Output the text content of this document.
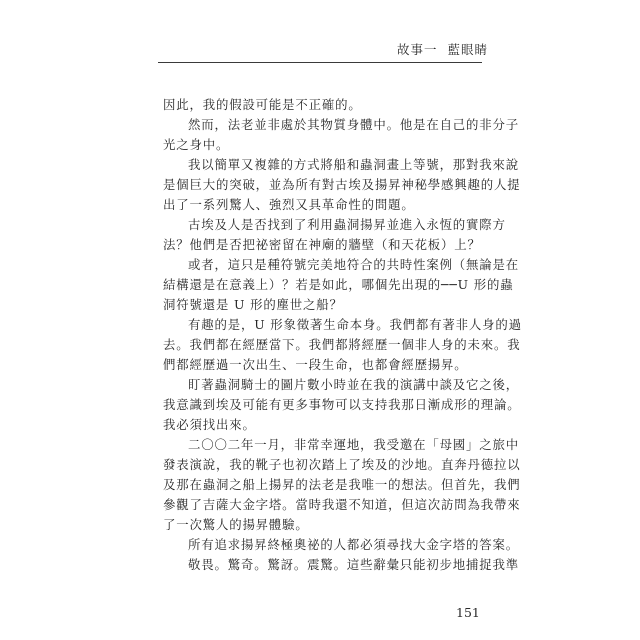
故事一 藍眼睛
因此，我的假設可能是不正確的。
然而，法老並非處於其物質身體中。他是在自己的非分子
光之身中。
我以簡單又複雜的方式將船和蟲洞畫上等號，那對我來說
是個巨大的突破，並為所有對古埃及揚昇神秘學感興趣的人提
出了一系列驚人、強烈又具革命性的問題。
古埃及人是否找到了利用蟲洞揚昇並進入永恆的實際方
法？他們是否把祕密留在神廟的牆壁（和天花板）上？
或者，這只是種符號完美地符合的共時性案例（無論是在
結構還是在意義上）？若是如此，哪個先出現的──U 形的蟲
洞符號還是 U 形的塵世之船？
有趣的是，U 形象徵著生命本身。我們都有著非人身的過
去。我們都在經歷當下。我們都將經歷一個非人身的未來。我
們都經歷過一次出生、一段生命，也都會經歷揚昇。
盯著蟲洞騎士的圖片數小時並在我的演講中談及它之後，
我意識到埃及可能有更多事物可以支持我那日漸成形的理論。
我必須找出來。
二〇〇二年一月，非常幸運地，我受邀在「母國」之旅中
發表演說，我的靴子也初次踏上了埃及的沙地。直奔丹德拉以
及那在蟲洞之船上揚昇的法老是我唯一的想法。但首先，我們
參觀了吉薩大金字塔。當時我還不知道，但這次訪問為我帶來
了一次驚人的揚昇體驗。
所有追求揚昇終極奧祕的人都必須尋找大金字塔的答案。
敬畏。驚奇。驚訝。震驚。這些辭彙只能初步地捕捉我準
151
